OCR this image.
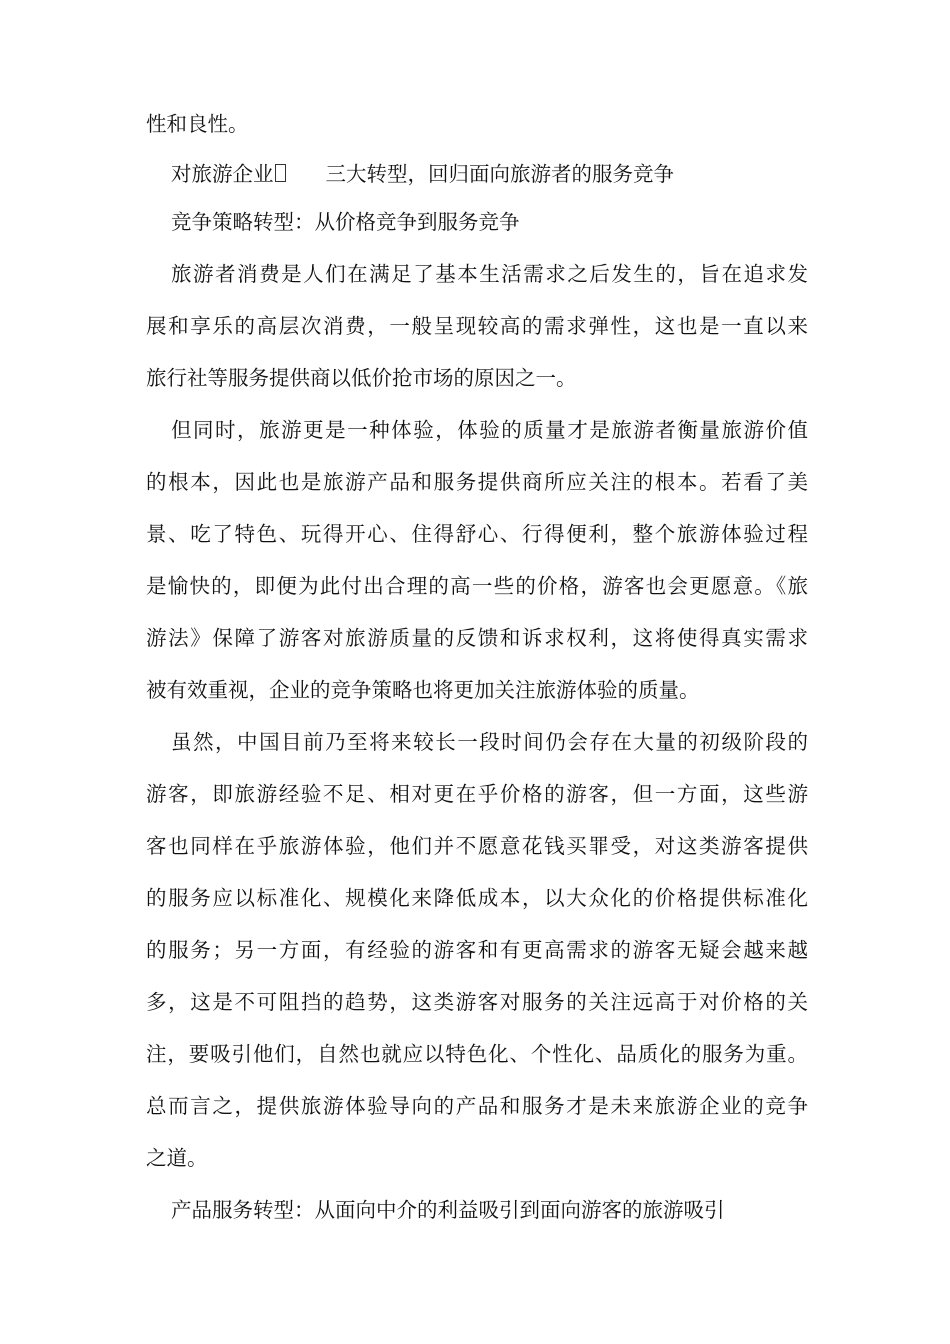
性和良性。

对旅游企业	三大转型，回归面向旅游者的服务竞争
竞争策略转型：从价格竞争到服务竞争

旅游者消费是人们在满足了基本生活需求之后发生的，旨在追求发

展和享乐的高层次消费，一般呈现较高的需求弹性，这也是一直以来

旅行社等服务提供商以低价抢市场的原因之一。

但同时，旅游更是一种体验，体验的质量才是旅游者衡量旅游价值

的根本，因此也是旅游产品和服务提供商所应关注的根本。若看了美

景、吃了特色、玩得开心、住得舒心、行得便利，整个旅游体验过程

是愉快的，即便为此付出合理的高一些的价格，游客也会更愿意。《旅

游法》保障了游客对旅游质量的反馈和诉求权利，这将使得真实需求

被有效重视，企业的竞争策略也将更加关注旅游体验的质量。

虽然，中国目前乃至将来较长一段时间仍会存在大量的初级阶段的

游客，即旅游经验不足、相对更在乎价格的游客，但一方面，这些游

客也同样在乎旅游体验，他们并不愿意花钱买罪受，对这类游客提供

的服务应以标准化、规模化来降低成本，以大众化的价格提供标准化

的服务；另一方面，有经验的游客和有更高需求的游客无疑会越来越

多，这是不可阻挡的趋势，这类游客对服务的关注远高于对价格的关

注，要吸引他们，自然也就应以特色化、个性化、品质化的服务为重。

总而言之，提供旅游体验导向的产品和服务才是未来旅游企业的竞争

之道。

产品服务转型：从面向中介的利益吸引到面向游客的旅游吸引
